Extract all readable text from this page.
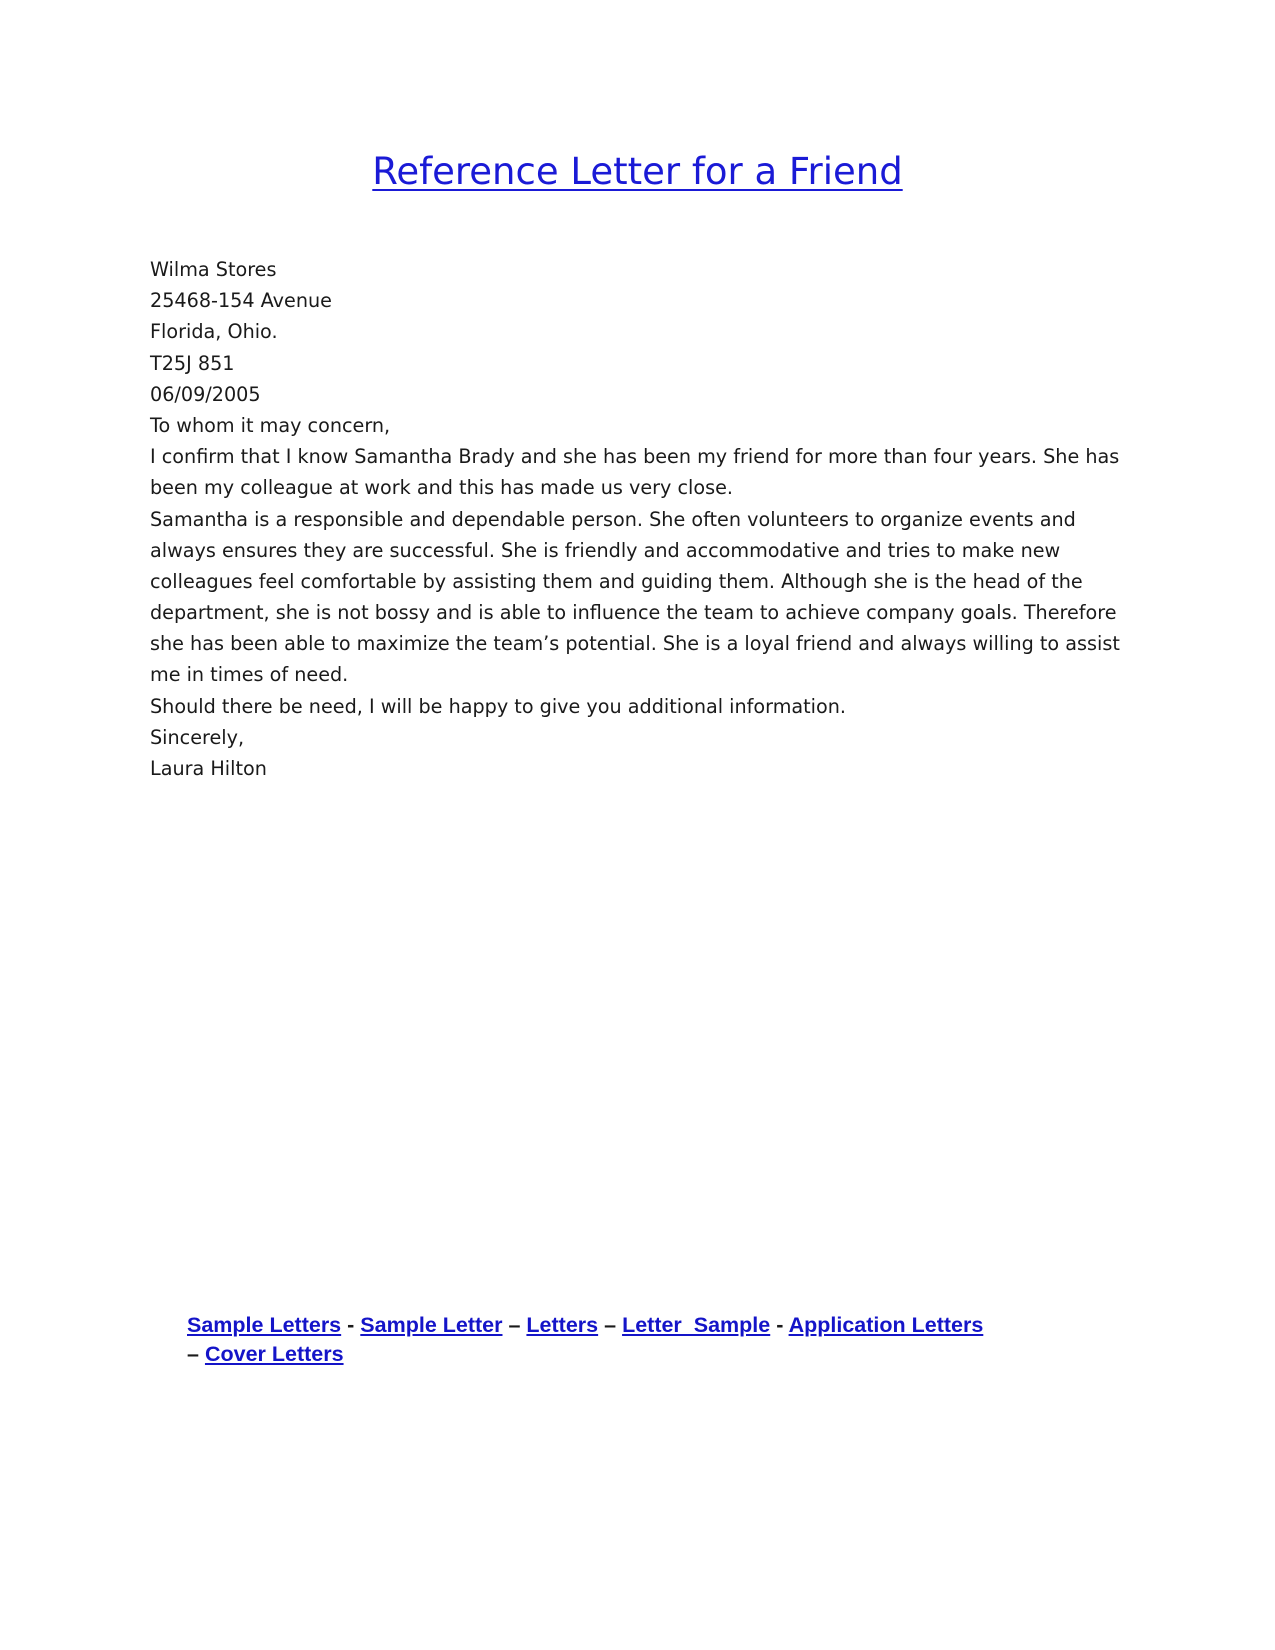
Reference Letter for a Friend
Wilma Stores
25468-154 Avenue
Florida, Ohio.
T25J 851
06/09/2005
To whom it may concern,
I confirm that I know Samantha Brady and she has been my friend for more than four years. She has
been my colleague at work and this has made us very close.
Samantha is a responsible and dependable person. She often volunteers to organize events and
always ensures they are successful. She is friendly and accommodative and tries to make new
colleagues feel comfortable by assisting them and guiding them. Although she is the head of the
department, she is not bossy and is able to influence the team to achieve company goals. Therefore
she has been able to maximize the team’s potential. She is a loyal friend and always willing to assist
me in times of need.
Should there be need, I will be happy to give you additional information.
Sincerely,
Laura Hilton
Sample Letters - Sample Letter – Letters – Letter  Sample - Application Letters
– Cover Letters
